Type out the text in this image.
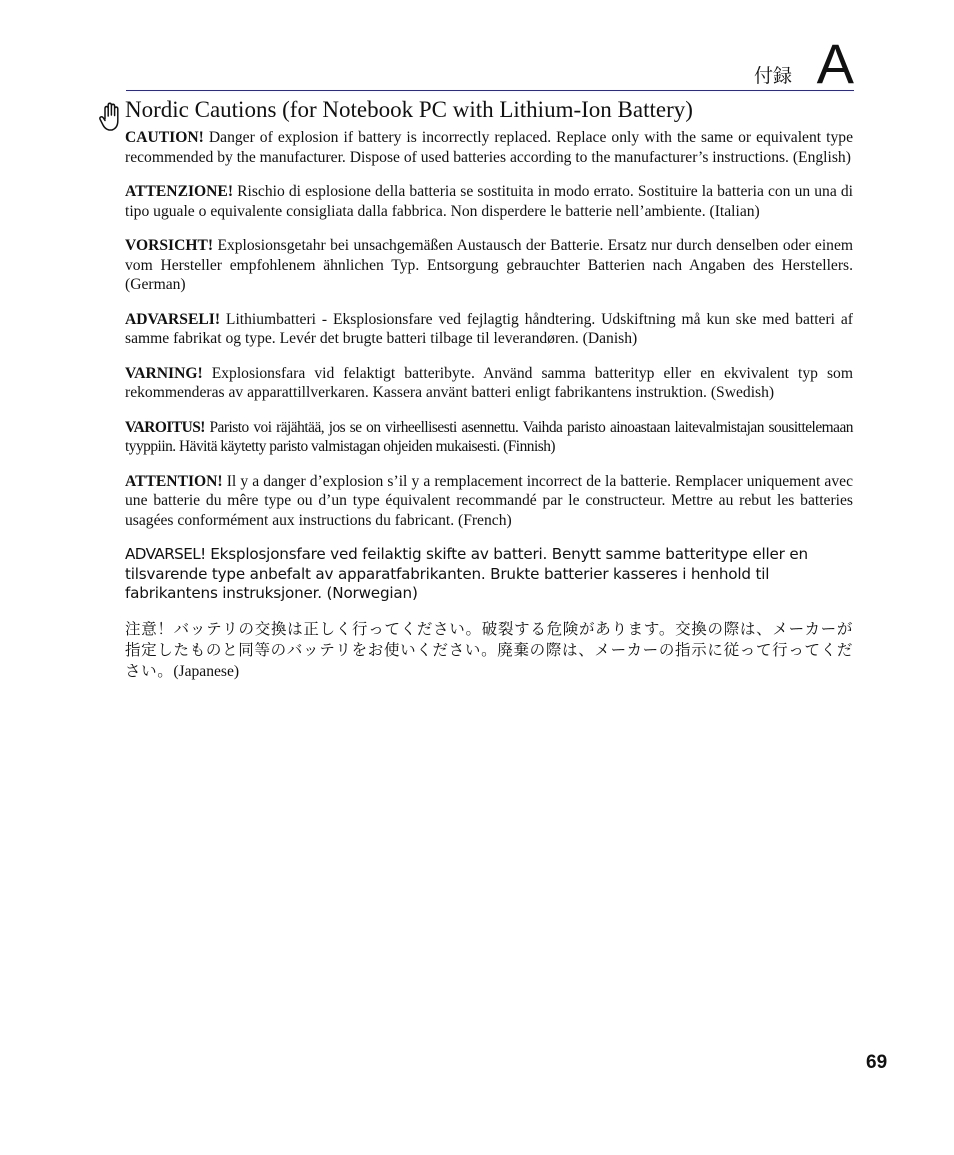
付録 A
Nordic Cautions (for Notebook PC with Lithium-Ion Battery)

CAUTION! Danger of explosion if battery is incorrectly replaced. Replace only with the same or equivalent type recommended by the manufacturer. Dispose of used batteries according to the manufacturer’s instructions. (English)

ATTENZIONE! Rischio di esplosione della batteria se sostituita in modo errato. Sostituire la batteria con un una di tipo uguale o equivalente consigliata dalla fabbrica. Non disperdere le batterie nell’ambiente. (Italian)

VORSICHT! Explosionsgetahr bei unsachgemäßen Austausch der Batterie. Ersatz nur durch denselben oder einem vom Hersteller empfohlenem ähnlichen Typ. Entsorgung gebrauchter Batterien nach Angaben des Herstellers. (German)

ADVARSELI! Lithiumbatteri - Eksplosionsfare ved fejlagtig håndtering. Udskiftning må kun ske med batteri af samme fabrikat og type. Levér det brugte batteri tilbage til leverandøren. (Danish)

VARNING! Explosionsfara vid felaktigt batteribyte. Använd samma batterityp eller en ekvivalent typ som rekommenderas av apparattillverkaren. Kassera använt batteri enligt fabrikantens instruktion. (Swedish)

VAROITUS! Paristo voi räjähtää, jos se on virheellisesti asennettu. Vaihda paristo ainoastaan laitevalmistajan sousittelemaan tyyppiin. Hävitä käytetty paristo valmistagan ohjeiden mukaisesti. (Finnish)

ATTENTION! Il y a danger d’explosion s’il y a remplacement incorrect de la batterie. Remplacer uniquement avec une batterie du mêre type ou d’un type équivalent recommandé par le constructeur. Mettre au rebut les batteries usagées conformément aux instructions du fabricant. (French)

ADVARSEL! Eksplosjonsfare ved feilaktig skifte av batteri. Benytt samme batteritype eller en tilsvarende type anbefalt av apparatfabrikanten. Brukte batterier kasseres i henhold til fabrikantens instruksjoner. (Norwegian)

注意！バッテリの交換は正しく行ってください。破裂する危険があります。交換の際は、メーカーが指定したものと同等のバッテリをお使いください。廃棄の際は、メーカーの指示に従って行ってください。(Japanese)

69
